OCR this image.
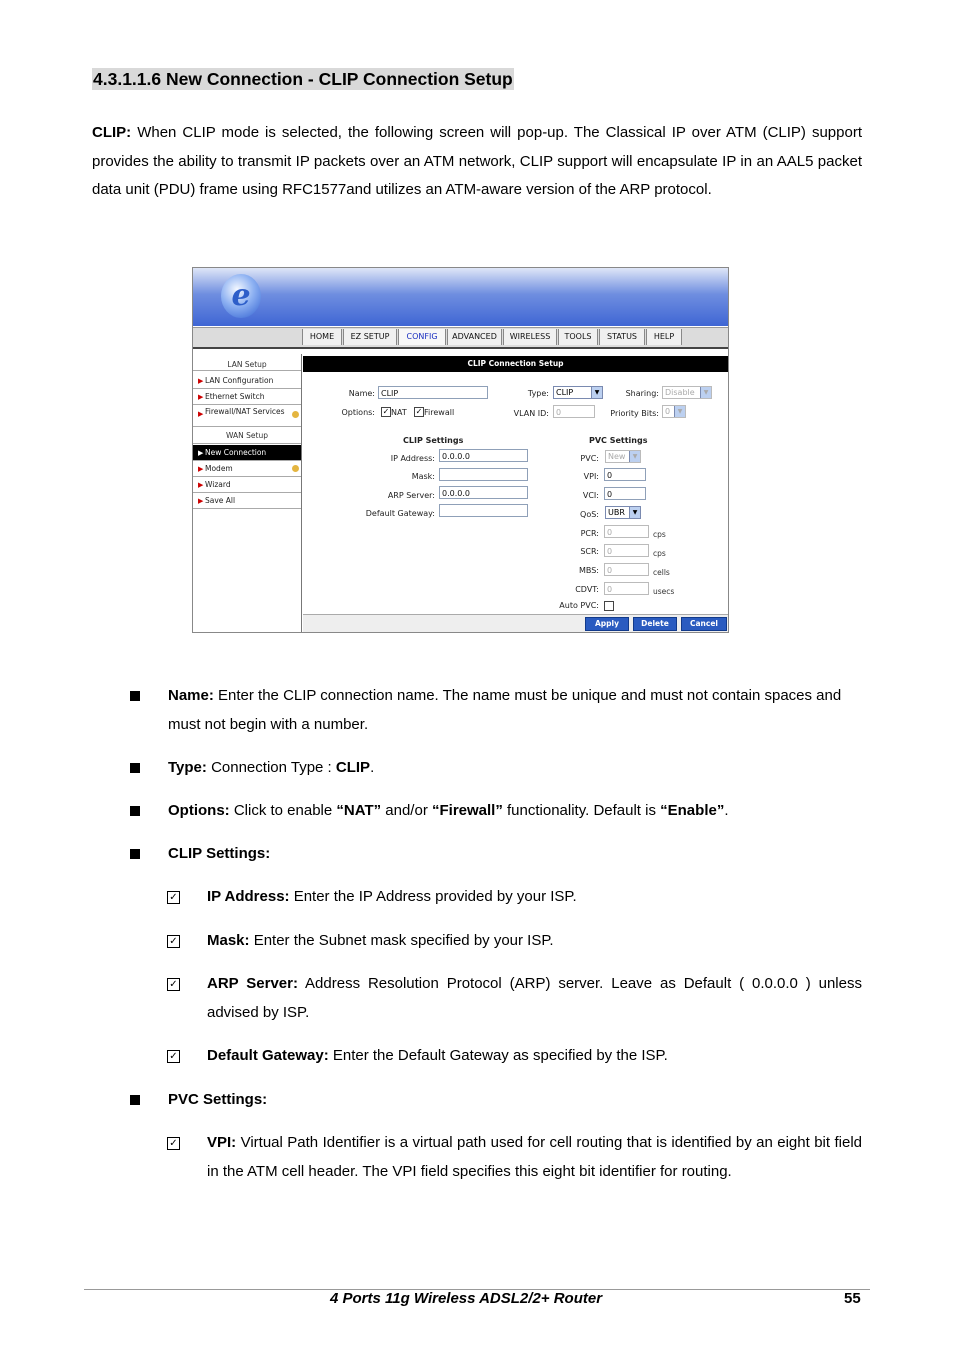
4.3.1.1.6 New Connection - CLIP Connection Setup
CLIP: When CLIP mode is selected, the following screen will pop-up. The Classical IP over ATM (CLIP) support provides the ability to transmit IP packets over an ATM network, CLIP support will encapsulate IP in an AAL5 packet data unit (PDU) frame using RFC1577and utilizes an ATM-aware version of the ARP protocol.
e
HOME	EZ SETUP	CONFIG	ADVANCED	WIRELESS	TOOLS	STATUS	HELP
LAN Setup
▶ LAN Configuration
▶ Ethernet Switch
▶ Firewall/NAT Services
WAN Setup
▶ New Connection
▶ Modem
▶ Wizard
▶ Save All
CLIP Connection Setup
Name: CLIP	Type: CLIP	▼	Sharing: Disable	▼
Options: ✓ NAT ✓ Firewall	VLAN ID: 0	Priority Bits: 0	▼
CLIP Settings	PVC Settings
IP Address: 0.0.0.0
Mask:
ARP Server: 0.0.0.0
Default Gateway:
PVC:	New	▼
VPI:	0
VCI:	0
QoS:	UBR	▼
PCR:	0	cps
SCR:	0	cps
MBS:	0	cells
CDVT:	0	usecs
Auto PVC:
Apply	Delete	Cancel
Name: Enter the CLIP connection name. The name must be unique and must not contain spaces and must not begin with a number.
Type: Connection Type : CLIP.
Options: Click to enable “NAT” and/or “Firewall” functionality. Default is “Enable”.
CLIP Settings:
✓ IP Address: Enter the IP Address provided by your ISP.
✓ Mask: Enter the Subnet mask specified by your ISP.
✓ ARP Server: Address Resolution Protocol (ARP) server. Leave as Default ( 0.0.0.0 ) unless advised by ISP.
✓ Default Gateway: Enter the Default Gateway as specified by the ISP.
PVC Settings:
✓ VPI: Virtual Path Identifier is a virtual path used for cell routing that is identified by an eight bit field in the ATM cell header. The VPI field specifies this eight bit identifier for routing.
4 Ports 11g Wireless ADSL2/2+ Router	55
